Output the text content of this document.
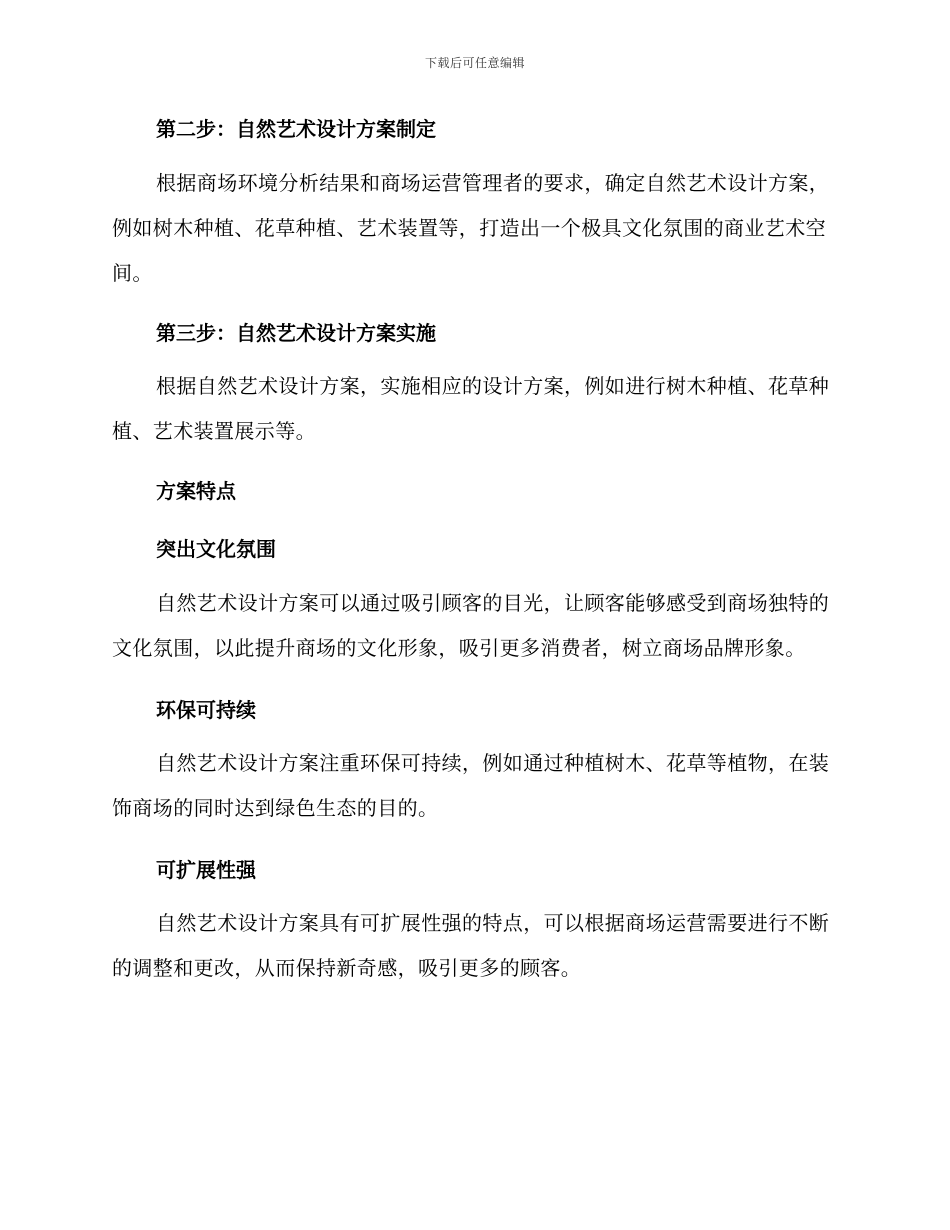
下载后可任意编辑

第二步：自然艺术设计方案制定

根据商场环境分析结果和商场运营管理者的要求，确定自然艺术设计方案，例如树木种植、花草种植、艺术装置等，打造出一个极具文化氛围的商业艺术空间。

第三步：自然艺术设计方案实施

根据自然艺术设计方案，实施相应的设计方案，例如进行树木种植、花草种植、艺术装置展示等。

方案特点

突出文化氛围

自然艺术设计方案可以通过吸引顾客的目光，让顾客能够感受到商场独特的文化氛围，以此提升商场的文化形象，吸引更多消费者，树立商场品牌形象。

环保可持续

自然艺术设计方案注重环保可持续，例如通过种植树木、花草等植物，在装饰商场的同时达到绿色生态的目的。

可扩展性强

自然艺术设计方案具有可扩展性强的特点，可以根据商场运营需要进行不断的调整和更改，从而保持新奇感，吸引更多的顾客。
